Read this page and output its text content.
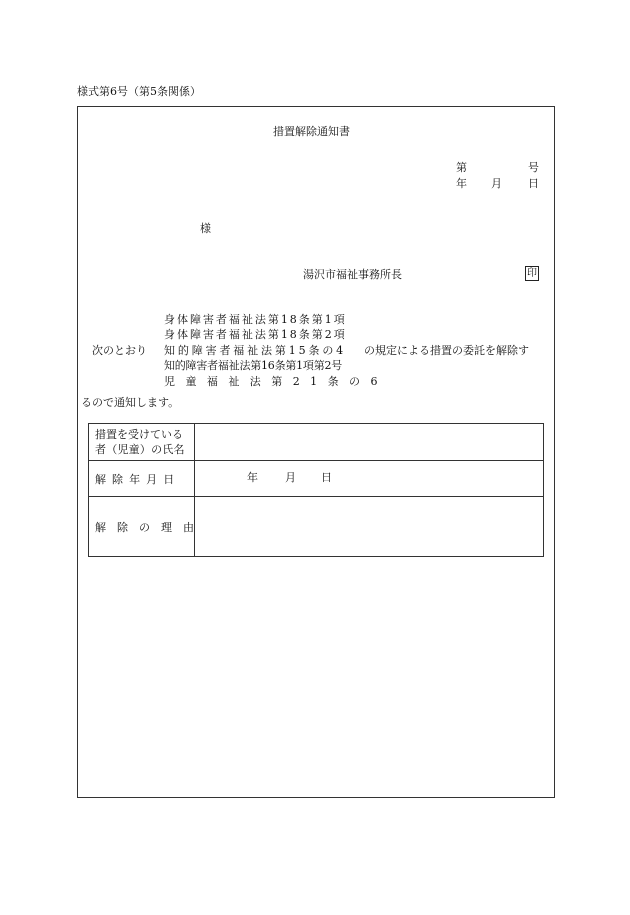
様式第6号（第5条関係）
措置解除通知書
第	号
年 月 日
様
湯沢市福祉事務所長	印
次のとおり
身体障害者福祉法第18条第1項
身体障害者福祉法第18条第2項
知的障害者福祉法第15条の4
知的障害者福祉法第16条第1項第2号
児童福祉法第21条の6
の規定による措置の委託を解除す
るので通知します。
措置を受けている
者（児童）の氏名
解除年月日
解除の理由
年 月 日
